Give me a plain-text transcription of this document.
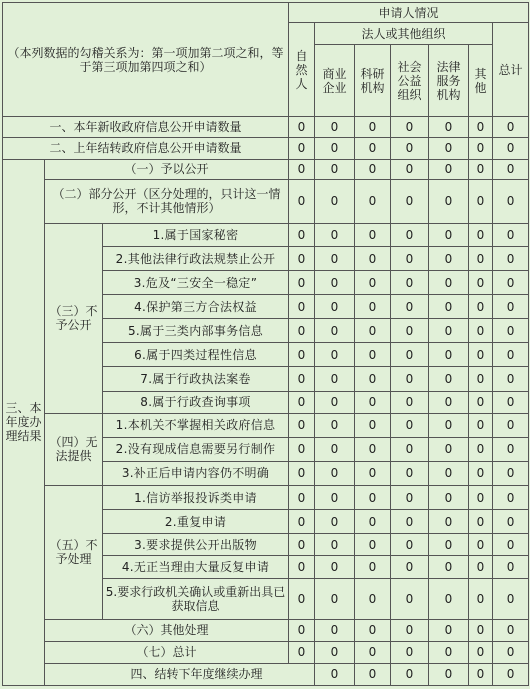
（本列数据的勾稽关系为：第一项加第二项之和，等于第三项加第四项之和）			申请人情况							
			自然人	法人或其他组织					总计	
				商业企业	科研机构	社会公益组织	法律服务机构	其他		
一、本年新收政府信息公开申请数量			0	0	0	0	0	0	0	
二、上年结转政府信息公开申请数量			0	0	0	0	0	0	0	
三、本年度办理结果	（一）予以公开		0	0	0	0	0	0	0	
	（二）部分公开（区分处理的，只计这一情形，不计其他情形）		0	0	0	0	0	0	0	
	（三）不予公开	1.属于国家秘密	0	0	0	0	0	0	0	
		2.其他法律行政法规禁止公开	0	0	0	0	0	0	0	
		3.危及“三安全一稳定”	0	0	0	0	0	0	0	
		4.保护第三方合法权益	0	0	0	0	0	0	0	
		5.属于三类内部事务信息	0	0	0	0	0	0	0	
		6.属于四类过程性信息	0	0	0	0	0	0	0	
		7.属于行政执法案卷	0	0	0	0	0	0	0	
		8.属于行政查询事项	0	0	0	0	0	0	0	
	（四）无法提供	1.本机关不掌握相关政府信息	0	0	0	0	0	0	0	
		2.没有现成信息需要另行制作	0	0	0	0	0	0	0	
		3.补正后申请内容仍不明确	0	0	0	0	0	0	0	
	（五）不予处理	1.信访举报投诉类申请	0	0	0	0	0	0	0	
		2.重复申请	0	0	0	0	0	0	0	
		3.要求提供公开出版物	0	0	0	0	0	0	0	
		4.无正当理由大量反复申请	0	0	0	0	0	0	0	
		5.要求行政机关确认或重新出具已获取信息	0	0	0	0	0	0	0	
	（六）其他处理		0	0	0	0	0	0	0	
	（七）总计		0	0	0	0	0	0	0	
	四、结转下年度继续办理			0	0	0	0	0	0	
